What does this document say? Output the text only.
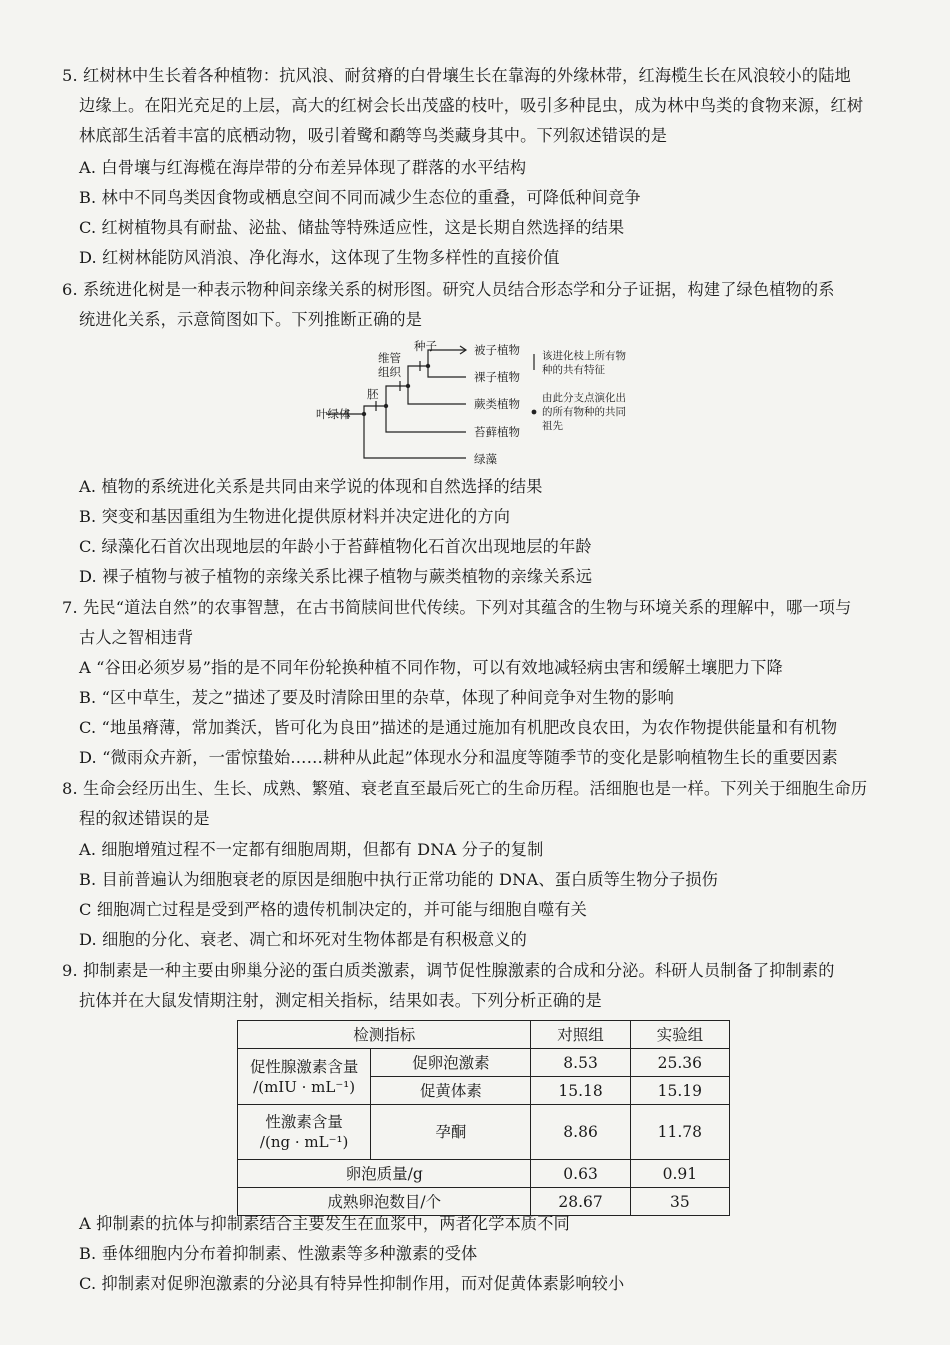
5. 红树林中生长着各种植物：抗风浪、耐贫瘠的白骨壤生长在靠海的外缘林带，红海榄生长在风浪较小的陆地
边缘上。在阳光充足的上层，高大的红树会长出茂盛的枝叶，吸引多种昆虫，成为林中鸟类的食物来源，红树
林底部生活着丰富的底栖动物，吸引着鹭和鹬等鸟类藏身其中。下列叙述错误的是
A. 白骨壤与红海榄在海岸带的分布差异体现了群落的水平结构
B. 林中不同鸟类因食物或栖息空间不同而减少生态位的重叠，可降低种间竞争
C. 红树植物具有耐盐、泌盐、储盐等特殊适应性，这是长期自然选择的结果
D. 红树林能防风消浪、净化海水，这体现了生物多样性的直接价值
6. 系统进化树是一种表示物种间亲缘关系的树形图。研究人员结合形态学和分子证据，构建了绿色植物的系
统进化关系，示意简图如下。下列推断正确的是
叶绿体
胚
维管
组织
种子	被子植物
裸子植物
蕨类植物
苔藓植物
绿藻
该进化枝上所有物
种的共有特征
由此分支点演化出
的所有物种的共同
祖先
A. 植物的系统进化关系是共同由来学说的体现和自然选择的结果
B. 突变和基因重组为生物进化提供原材料并决定进化的方向
C. 绿藻化石首次出现地层的年龄小于苔藓植物化石首次出现地层的年龄
D. 裸子植物与被子植物的亲缘关系比裸子植物与蕨类植物的亲缘关系远
7. 先民“道法自然”的农事智慧，在古书简牍间世代传续。下列对其蕴含的生物与环境关系的理解中，哪一项与
古人之智相违背
A “谷田必须岁易”指的是不同年份轮换种植不同作物，可以有效地减轻病虫害和缓解土壤肥力下降
B. “区中草生，茇之”描述了要及时清除田里的杂草，体现了种间竞争对生物的影响
C. “地虽瘠薄，常加粪沃，皆可化为良田”描述的是通过施加有机肥改良农田，为农作物提供能量和有机物
D. “微雨众卉新，一雷惊蛰始……耕种从此起”体现水分和温度等随季节的变化是影响植物生长的重要因素
8. 生命会经历出生、生长、成熟、繁殖、衰老直至最后死亡的生命历程。活细胞也是一样。下列关于细胞生命历
程的叙述错误的是
A. 细胞增殖过程不一定都有细胞周期，但都有 DNA 分子的复制
B. 目前普遍认为细胞衰老的原因是细胞中执行正常功能的 DNA、蛋白质等生物分子损伤
C 细胞凋亡过程是受到严格的遗传机制决定的，并可能与细胞自噬有关
D. 细胞的分化、衰老、凋亡和坏死对生物体都是有积极意义的
9. 抑制素是一种主要由卵巢分泌的蛋白质类激素，调节促性腺激素的合成和分泌。科研人员制备了抑制素的
抗体并在大鼠发情期注射，测定相关指标，结果如表。下列分析正确的是
检测指标		对照组	实验组

促性腺激素含量
/(mIU · mL⁻¹)	促卵泡激素	8.53	25.36
	促黄体素	15.18	15.19

性激素含量
/(ng · mL⁻¹)	孕酮	8.86	11.78
卵泡质量/g		0.63	0.91
成熟卵泡数目/个		28.67	35
A 抑制素的抗体与抑制素结合主要发生在血浆中，两者化学本质不同
B. 垂体细胞内分布着抑制素、性激素等多种激素的受体
C. 抑制素对促卵泡激素的分泌具有特异性抑制作用，而对促黄体素影响较小
